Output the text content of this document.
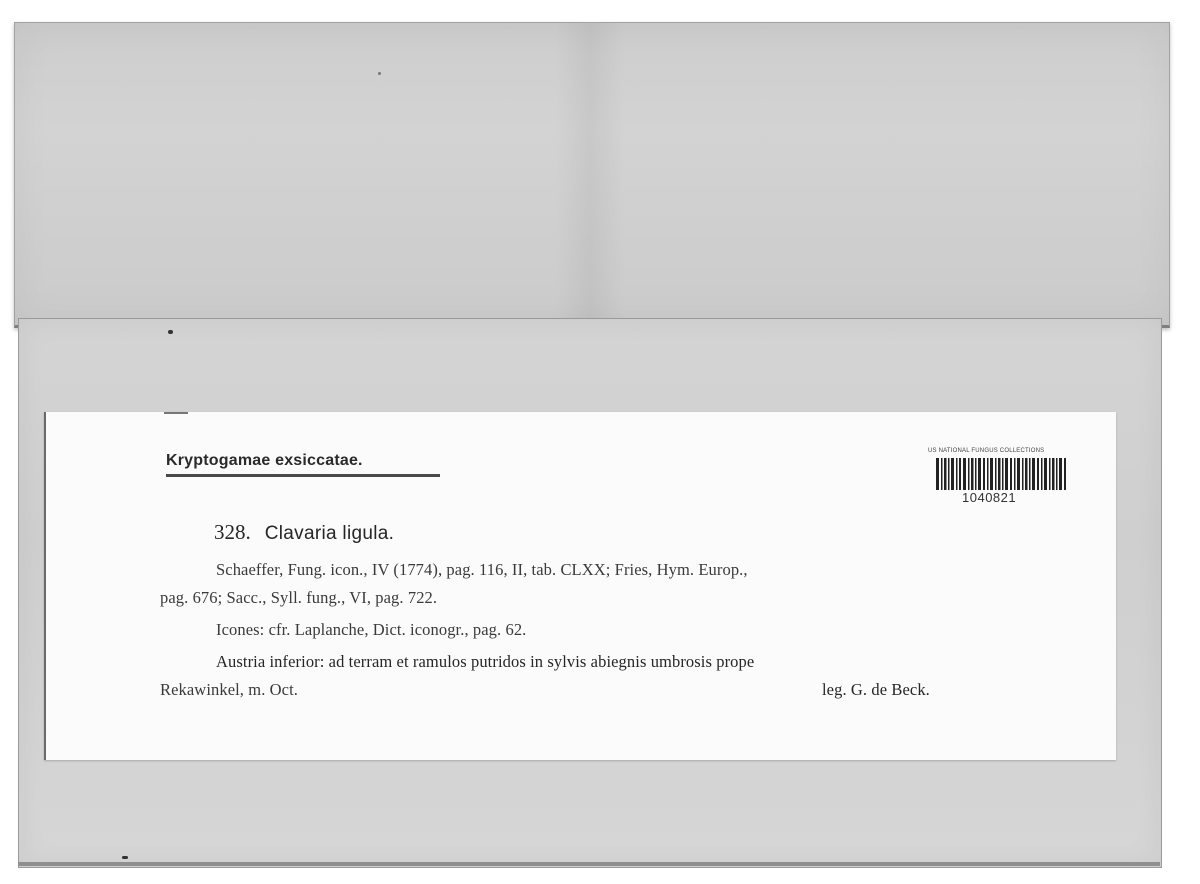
Kryptogamae exsiccatae.
US NATIONAL FUNGUS COLLECTIONS
1040821
328. Clavaria ligula.
Schaeffer, Fung. icon., IV (1774), pag. 116, II, tab. CLXX; Fries, Hym. Europ.,
pag. 676; Sacc., Syll. fung., VI, pag. 722.
Icones: cfr. Laplanche, Dict. iconogr., pag. 62.
Austria inferior: ad terram et ramulos putridos in sylvis abiegnis umbrosis prope
Rekawinkel, m. Oct.	leg. G. de Beck.
